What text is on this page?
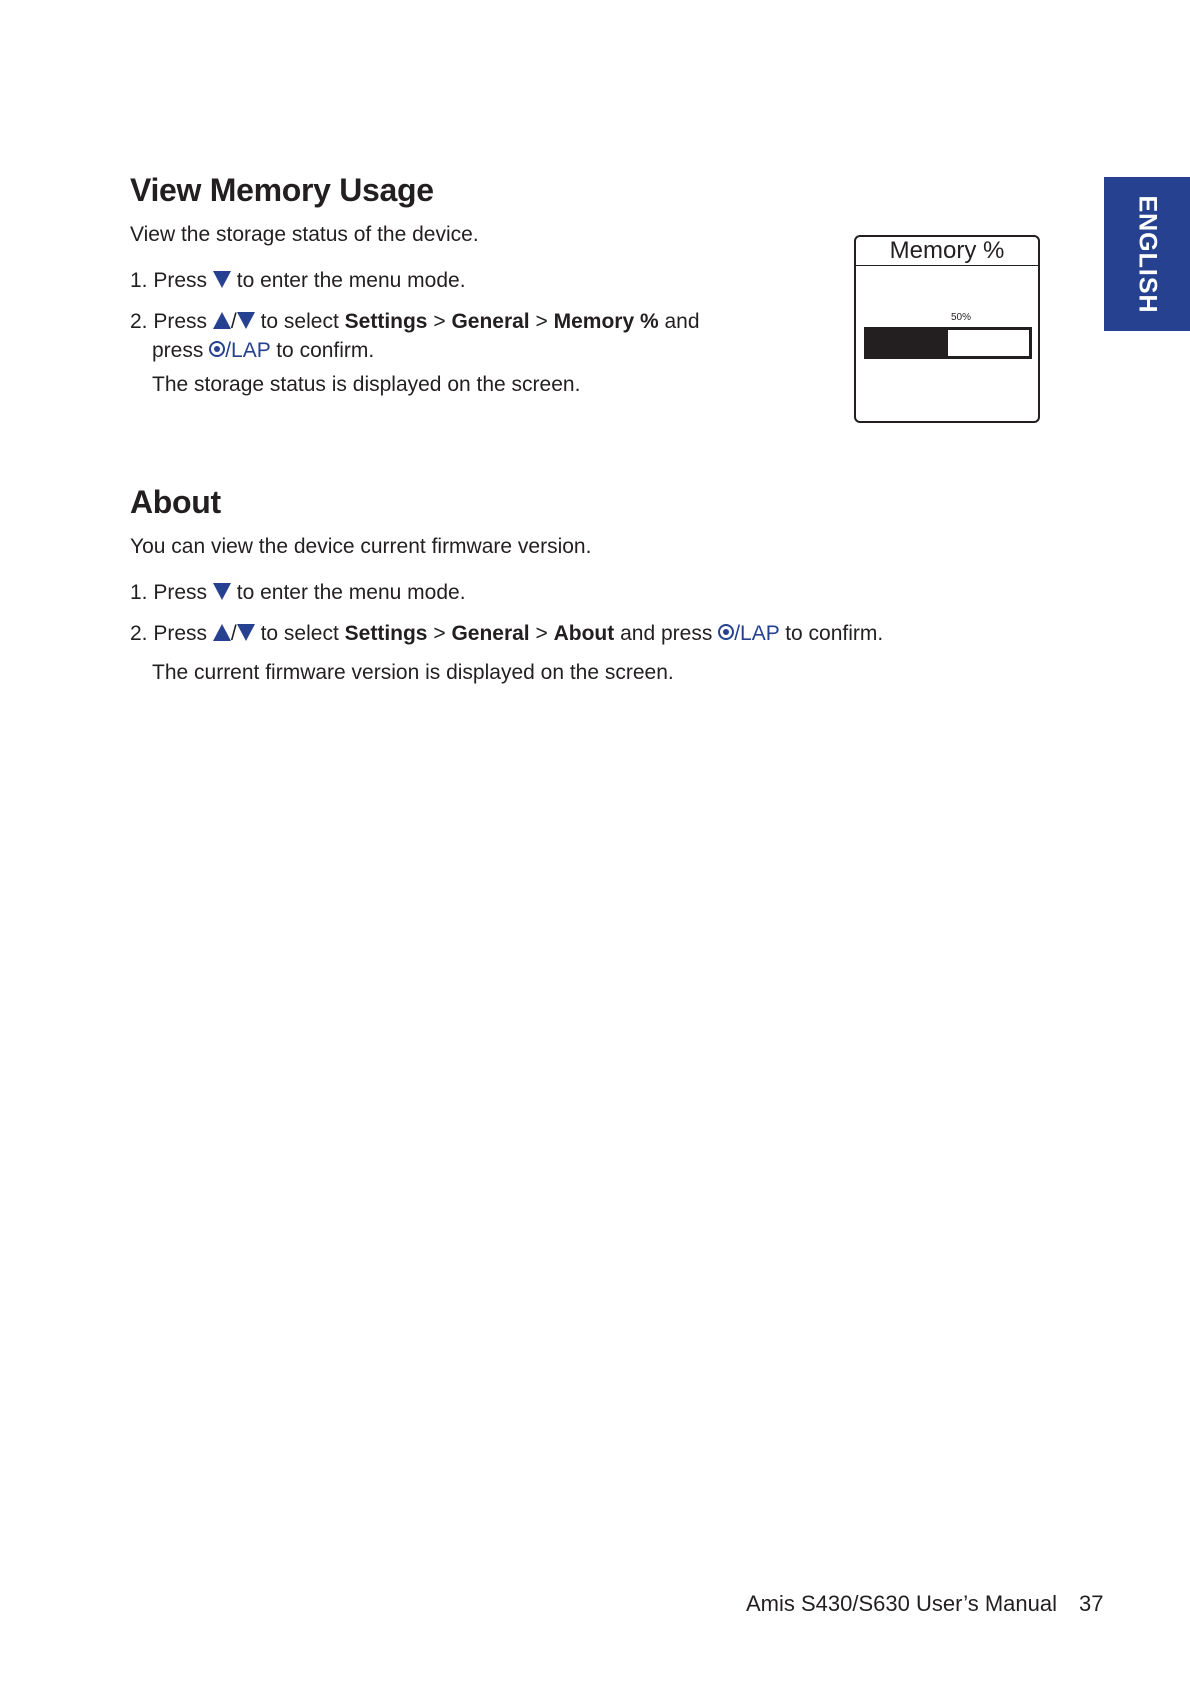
ENGLISH
View Memory Usage

View the storage status of the device.

1. Press to enter the menu mode.

2. Press / to select Settings > General > Memory % and

press /LAP to confirm.

The storage status is displayed on the screen.

Memory %
50%
About

You can view the device current firmware version.

1. Press to enter the menu mode.

2. Press / to select Settings > General > About and press /LAP to confirm.

The current firmware version is displayed on the screen.

Amis S430/S630 User’s Manual 37
